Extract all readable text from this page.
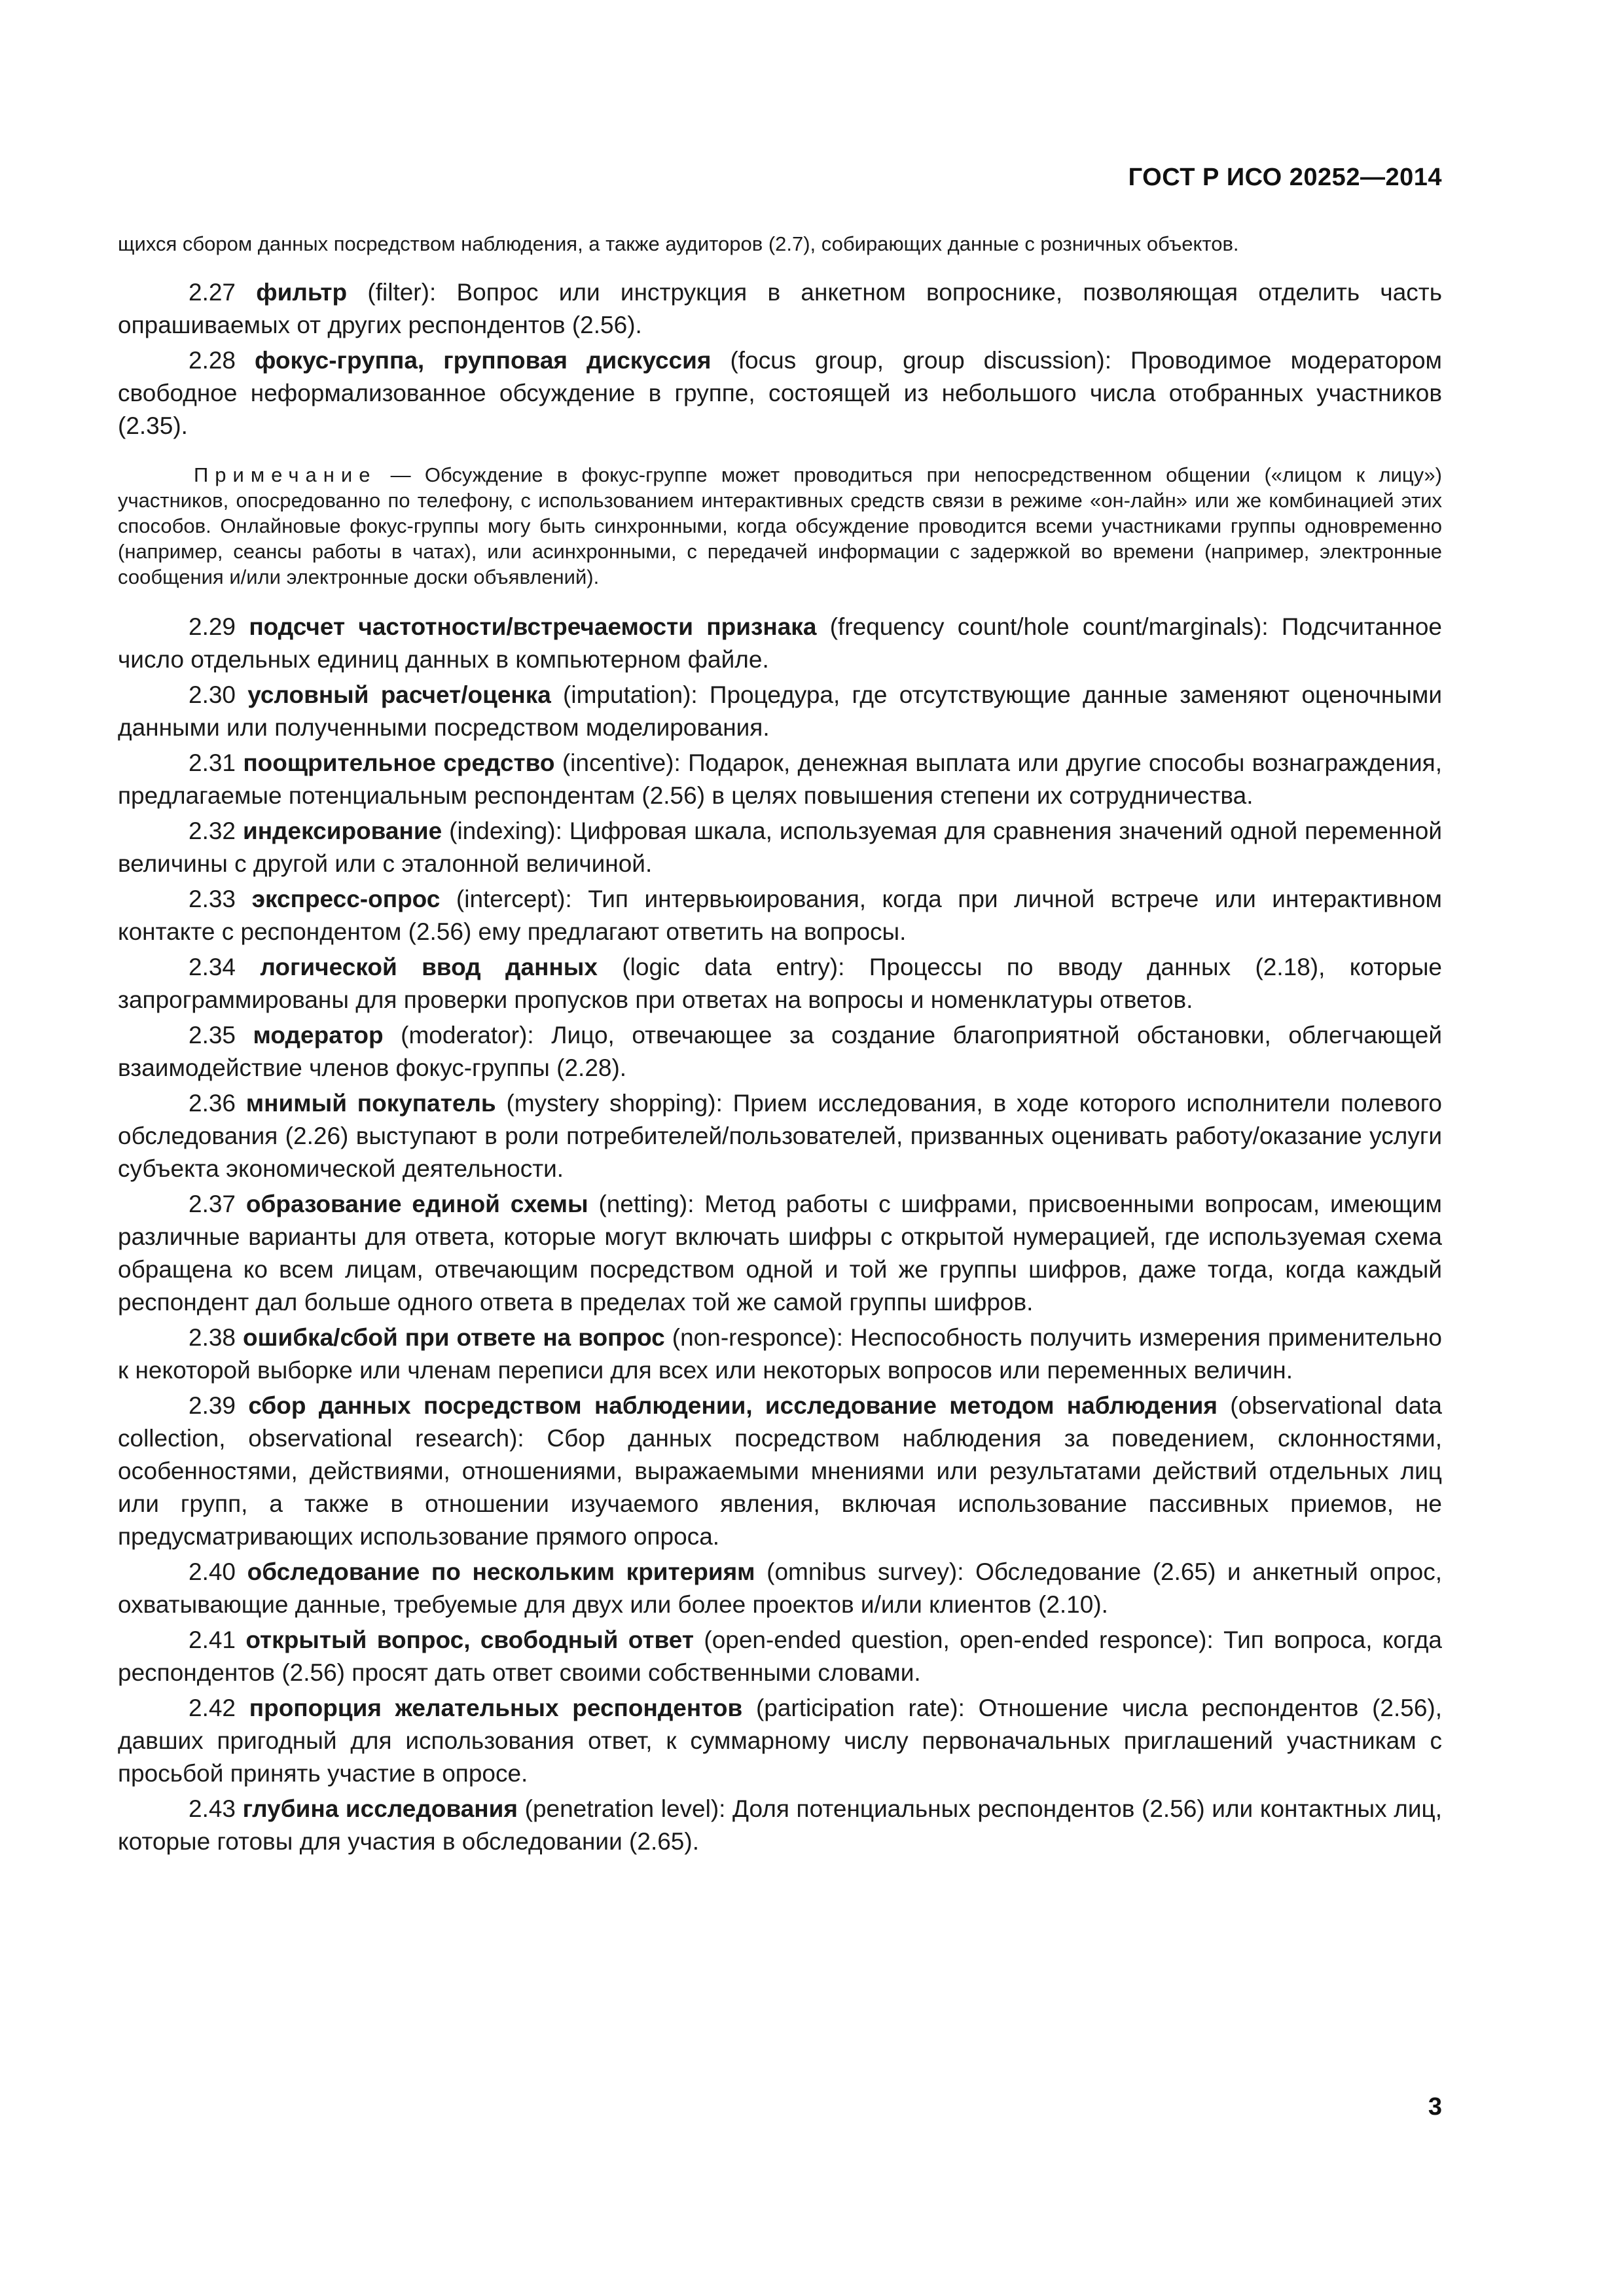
ГОСТ Р ИСО 20252—2014

щихся сбором данных посредством наблюдения, а также аудиторов (2.7), собирающих данные с розничных объектов.

2.27 фильтр (filter): Вопрос или инструкция в анкетном вопроснике, позволяющая отделить часть опрашиваемых от других респондентов (2.56).

2.28 фокус-группа, групповая дискуссия (focus group, group discussion): Проводимое модератором свободное неформализованное обсуждение в группе, состоящей из небольшого числа отобранных участников (2.35).

Примечание — Обсуждение в фокус-группе может проводиться при непосредственном общении («лицом к лицу») участников, опосредованно по телефону, с использованием интерактивных средств связи в режиме «он-лайн» или же комбинацией этих способов. Онлайновые фокус-группы могу быть синхронными, когда обсуждение проводится всеми участниками группы одновременно (например, сеансы работы в чатах), или асинхронными, с передачей информации с задержкой во времени (например, электронные сообщения и/или электронные доски объявлений).

2.29 подсчет частотности/встречаемости признака (frequency count/hole count/marginals): Подсчитанное число отдельных единиц данных в компьютерном файле.

2.30 условный расчет/оценка (imputation): Процедура, где отсутствующие данные заменяют оценочными данными или полученными посредством моделирования.

2.31 поощрительное средство (incentive): Подарок, денежная выплата или другие способы вознаграждения, предлагаемые потенциальным респондентам (2.56) в целях повышения степени их сотрудничества.

2.32 индексирование (indexing): Цифровая шкала, используемая для сравнения значений одной переменной величины с другой или с эталонной величиной.

2.33 экспресс-опрос (intercept): Тип интервьюирования, когда при личной встрече или интерактивном контакте с респондентом (2.56) ему предлагают ответить на вопросы.

2.34 логической ввод данных (logic data entry): Процессы по вводу данных (2.18), которые запрограммированы для проверки пропусков при ответах на вопросы и номенклатуры ответов.

2.35 модератор (moderator): Лицо, отвечающее за создание благоприятной обстановки, облегчающей взаимодействие членов фокус-группы (2.28).

2.36 мнимый покупатель (mystery shopping): Прием исследования, в ходе которого исполнители полевого обследования (2.26) выступают в роли потребителей/пользователей, призванных оценивать работу/оказание услуги субъекта экономической деятельности.

2.37 образование единой схемы (netting): Метод работы с шифрами, присвоенными вопросам, имеющим различные варианты для ответа, которые могут включать шифры с открытой нумерацией, где используемая схема обращена ко всем лицам, отвечающим посредством одной и той же группы шифров, даже тогда, когда каждый респондент дал больше одного ответа в пределах той же самой группы шифров.

2.38 ошибка/сбой при ответе на вопрос (non-responce): Неспособность получить измерения применительно к некоторой выборке или членам переписи для всех или некоторых вопросов или переменных величин.

2.39 сбор данных посредством наблюдении, исследование методом наблюдения (observational data collection, observational research): Сбор данных посредством наблюдения за поведением, склонностями, особенностями, действиями, отношениями, выражаемыми мнениями или результатами действий отдельных лиц или групп, а также в отношении изучаемого явления, включая использование пассивных приемов, не предусматривающих использование прямого опроса.

2.40 обследование по нескольким критериям (omnibus survey): Обследование (2.65) и анкетный опрос, охватывающие данные, требуемые для двух или более проектов и/или клиентов (2.10).

2.41 открытый вопрос, свободный ответ (open-ended question, open-ended responce): Тип вопроса, когда респондентов (2.56) просят дать ответ своими собственными словами.

2.42 пропорция желательных респондентов (participation rate): Отношение числа респондентов (2.56), давших пригодный для использования ответ, к суммарному числу первоначальных приглашений участникам с просьбой принять участие в опросе.

2.43 глубина исследования (penetration level): Доля потенциальных респондентов (2.56) или контактных лиц, которые готовы для участия в обследовании (2.65).

3
